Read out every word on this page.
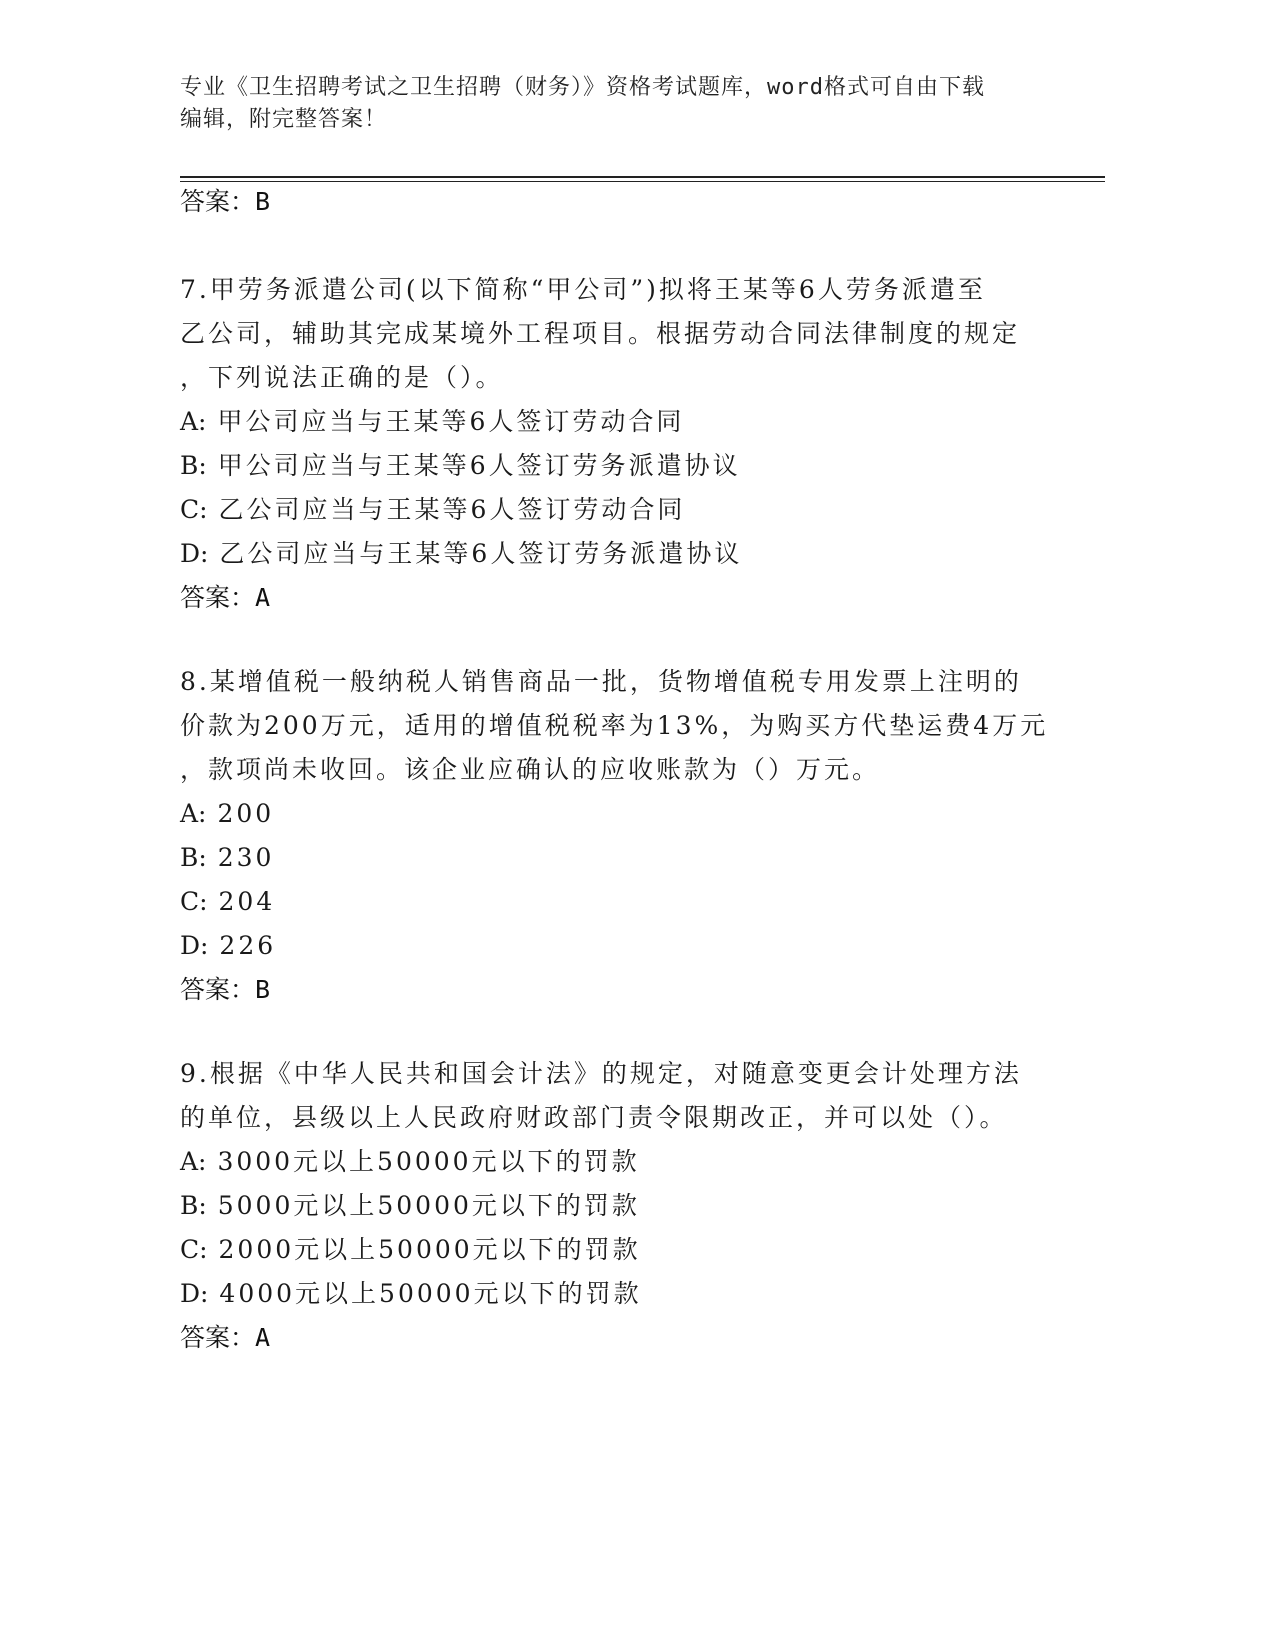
专业《卫生招聘考试之卫生招聘（财务）》资格考试题库，word格式可自由下载
编辑，附完整答案！
答案：B
7.甲劳务派遣公司(以下简称“甲公司”)拟将王某等6人劳务派遣至
乙公司，辅助其完成某境外工程项目。根据劳动合同法律制度的规定
，下列说法正确的是（）。
A: 甲公司应当与王某等6人签订劳动合同
B: 甲公司应当与王某等6人签订劳务派遣协议
C: 乙公司应当与王某等6人签订劳动合同
D: 乙公司应当与王某等6人签订劳务派遣协议
答案：A
8.某增值税一般纳税人销售商品一批，货物增值税专用发票上注明的
价款为200万元，适用的增值税税率为13%，为购买方代垫运费4万元
，款项尚未收回。该企业应确认的应收账款为（）万元。
A: 200
B: 230
C: 204
D: 226
答案：B
9.根据《中华人民共和国会计法》的规定，对随意变更会计处理方法
的单位，县级以上人民政府财政部门责令限期改正，并可以处（）。
A: 3000元以上50000元以下的罚款
B: 5000元以上50000元以下的罚款
C: 2000元以上50000元以下的罚款
D: 4000元以上50000元以下的罚款
答案：A
